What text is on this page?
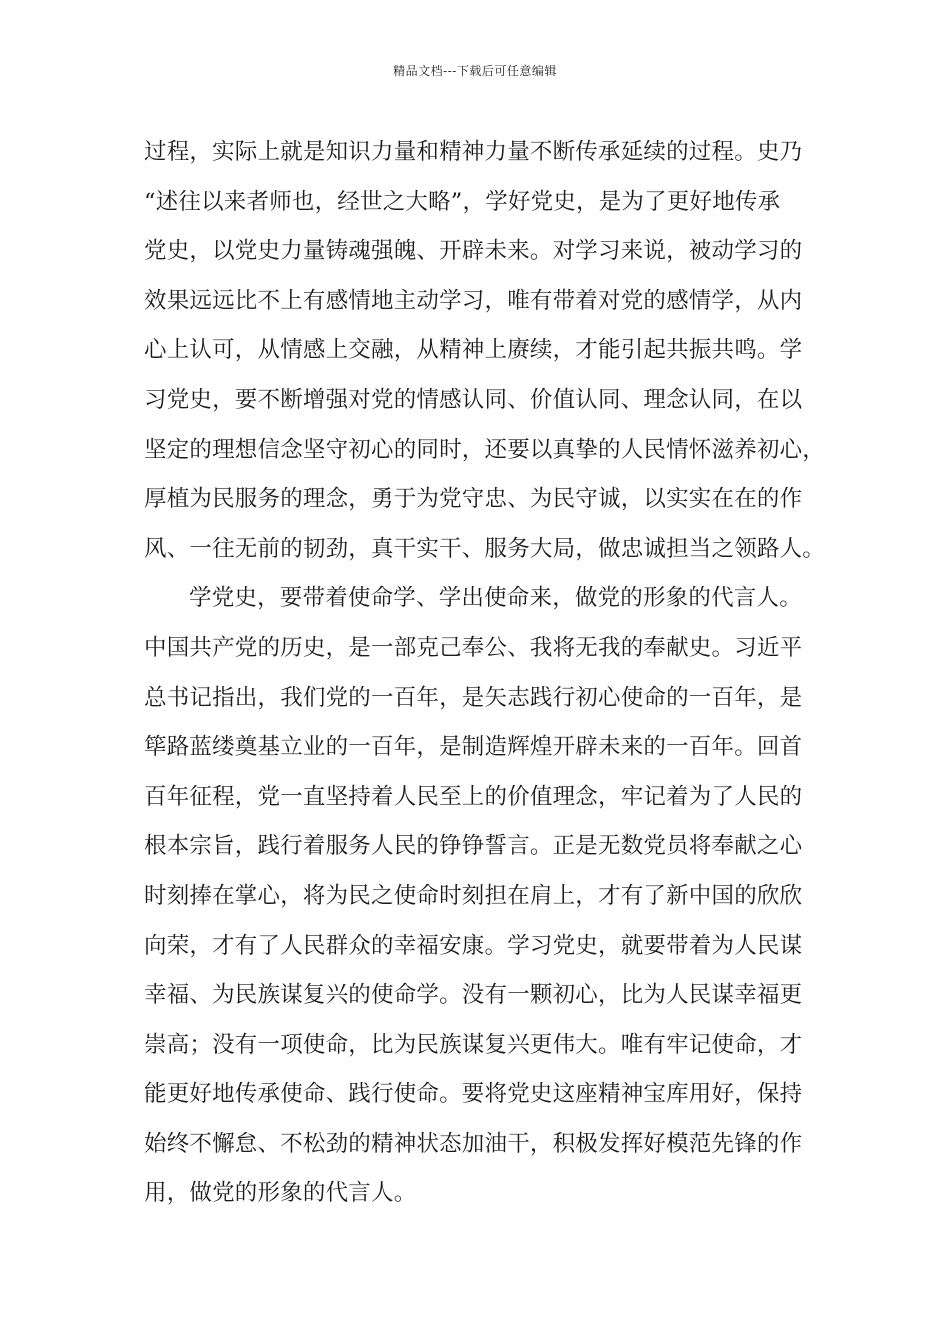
精品文档---下载后可任意编辑
过程，实际上就是知识力量和精神力量不断传承延续的过程。史乃
“述往以来者师也，经世之大略”，学好党史，是为了更好地传承
党史，以党史力量铸魂强魄、开辟未来。对学习来说，被动学习的
效果远远比不上有感情地主动学习，唯有带着对党的感情学，从内
心上认可，从情感上交融，从精神上赓续，才能引起共振共鸣。学
习党史，要不断增强对党的情感认同、价值认同、理念认同，在以
坚定的理想信念坚守初心的同时，还要以真挚的人民情怀滋养初心，
厚植为民服务的理念，勇于为党守忠、为民守诚，以实实在在的作
风、一往无前的韧劲，真干实干、服务大局，做忠诚担当之领路人。
学党史，要带着使命学、学出使命来，做党的形象的代言人。
中国共产党的历史，是一部克己奉公、我将无我的奉献史。习近平
总书记指出，我们党的一百年，是矢志践行初心使命的一百年，是
筚路蓝缕奠基立业的一百年，是制造辉煌开辟未来的一百年。回首
百年征程，党一直坚持着人民至上的价值理念，牢记着为了人民的
根本宗旨，践行着服务人民的铮铮誓言。正是无数党员将奉献之心
时刻捧在掌心，将为民之使命时刻担在肩上，才有了新中国的欣欣
向荣，才有了人民群众的幸福安康。学习党史，就要带着为人民谋
幸福、为民族谋复兴的使命学。没有一颗初心，比为人民谋幸福更
崇高；没有一项使命，比为民族谋复兴更伟大。唯有牢记使命，才
能更好地传承使命、践行使命。要将党史这座精神宝库用好，保持
始终不懈怠、不松劲的精神状态加油干，积极发挥好模范先锋的作
用，做党的形象的代言人。
